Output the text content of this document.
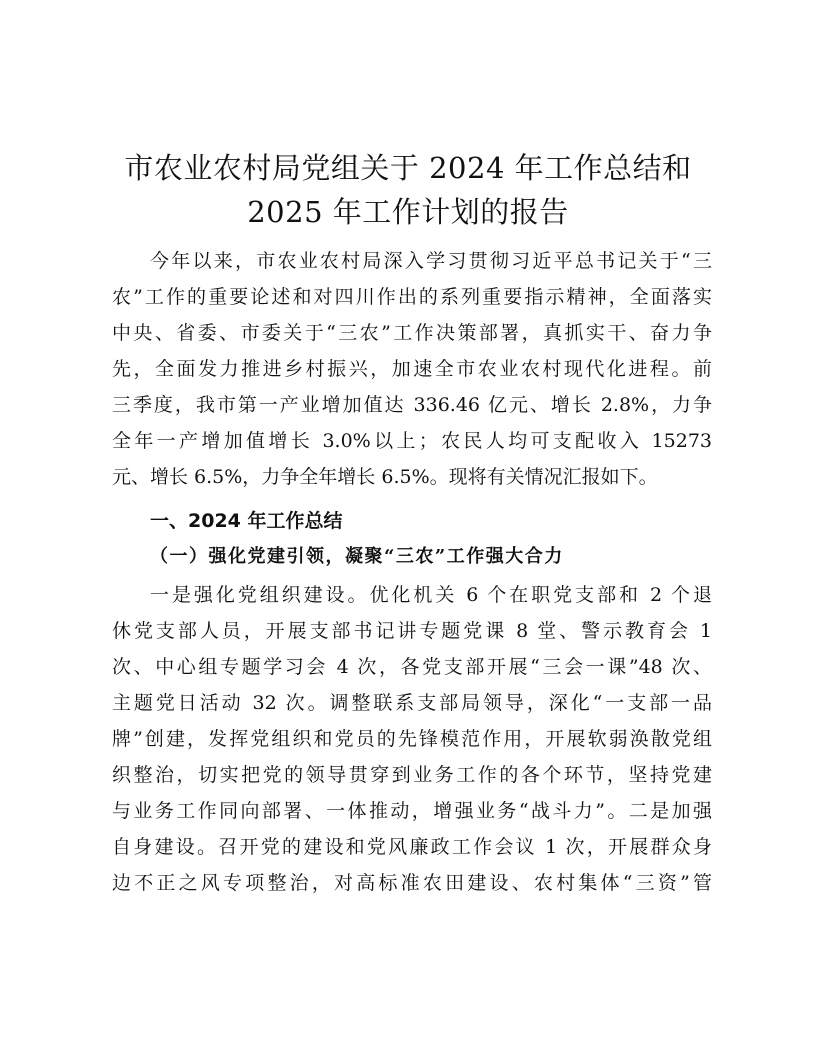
市农业农村局党组关于 2024 年工作总结和
2025 年工作计划的报告
今年以来，市农业农村局深入学习贯彻习近平总书记关于“三
农”工作的重要论述和对四川作出的系列重要指示精神，全面落实
中央、省委、市委关于“三农”工作决策部署，真抓实干、奋力争
先，全面发力推进乡村振兴，加速全市农业农村现代化进程。前
三季度，我市第一产业增加值达 336.46 亿元、增长 2.8%，力争
全年一产增加值增长 3.0%以上；农民人均可支配收入 15273
元、增长 6.5%，力争全年增长 6.5%。现将有关情况汇报如下。
一、2024 年工作总结
（一）强化党建引领，凝聚“三农”工作强大合力
一是强化党组织建设。优化机关 6 个在职党支部和 2 个退
休党支部人员，开展支部书记讲专题党课 8 堂、警示教育会 1
次、中心组专题学习会 4 次，各党支部开展“三会一课”48 次、
主题党日活动 32 次。调整联系支部局领导，深化“一支部一品
牌”创建，发挥党组织和党员的先锋模范作用，开展软弱涣散党组
织整治，切实把党的领导贯穿到业务工作的各个环节，坚持党建
与业务工作同向部署、一体推动，增强业务“战斗力”。二是加强
自身建设。召开党的建设和党风廉政工作会议 1 次，开展群众身
边不正之风专项整治，对高标准农田建设、农村集体“三资”管
